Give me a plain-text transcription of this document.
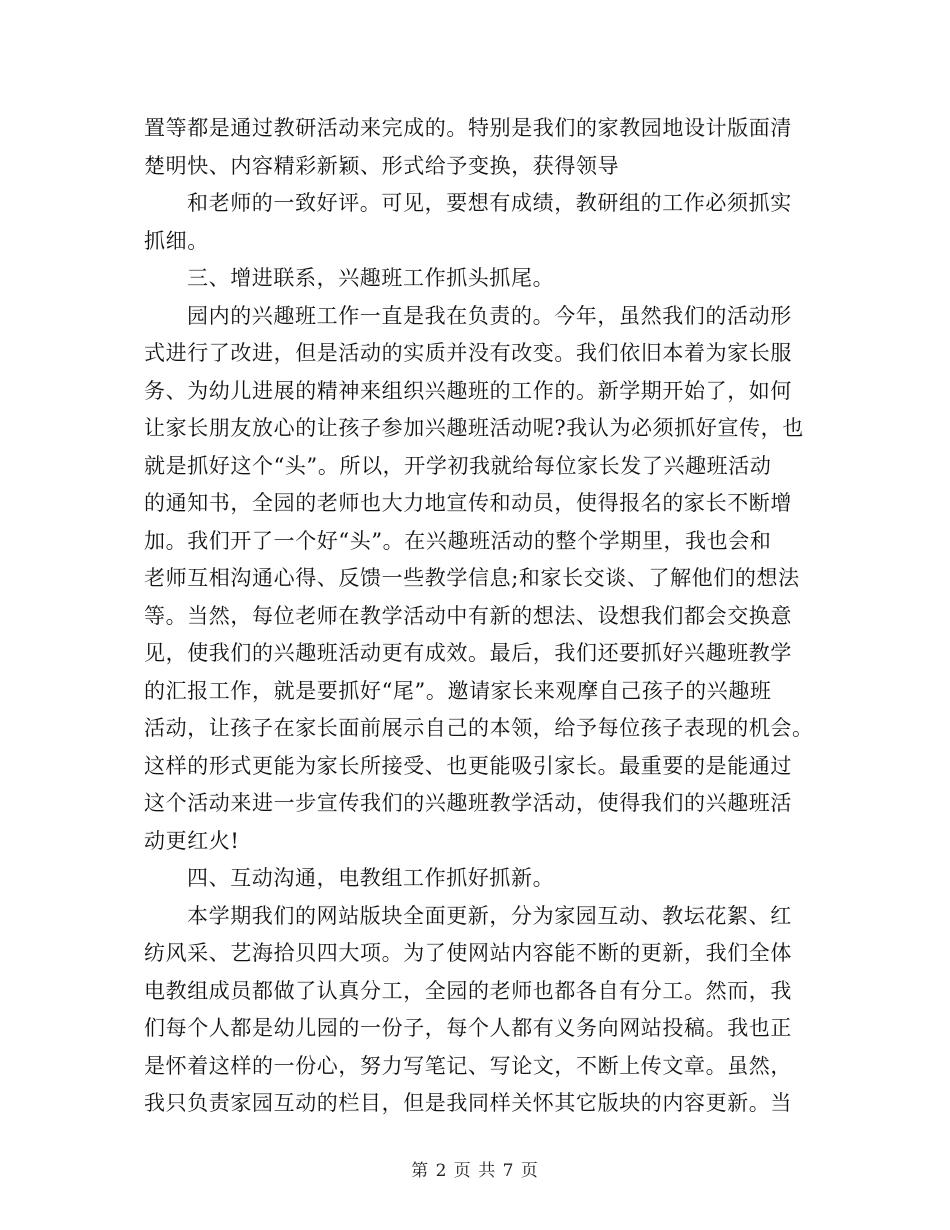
置等都是通过教研活动来完成的。特别是我们的家教园地设计版面清
楚明快、内容精彩新颖、形式给予变换，获得领导
和老师的一致好评。可见，要想有成绩，教研组的工作必须抓实
抓细。
三、增进联系，兴趣班工作抓头抓尾。
园内的兴趣班工作一直是我在负责的。今年，虽然我们的活动形
式进行了改进，但是活动的实质并没有改变。我们依旧本着为家长服
务、为幼儿进展的精神来组织兴趣班的工作的。新学期开始了，如何
让家长朋友放心的让孩子参加兴趣班活动呢?我认为必须抓好宣传，也
就是抓好这个“头”。所以，开学初我就给每位家长发了兴趣班活动
的通知书，全园的老师也大力地宣传和动员，使得报名的家长不断增
加。我们开了一个好“头”。在兴趣班活动的整个学期里，我也会和
老师互相沟通心得、反馈一些教学信息;和家长交谈、了解他们的想法
等。当然，每位老师在教学活动中有新的想法、设想我们都会交换意
见，使我们的兴趣班活动更有成效。最后，我们还要抓好兴趣班教学
的汇报工作，就是要抓好“尾”。邀请家长来观摩自己孩子的兴趣班
活动，让孩子在家长面前展示自己的本领，给予每位孩子表现的机会。
这样的形式更能为家长所接受、也更能吸引家长。最重要的是能通过
这个活动来进一步宣传我们的兴趣班教学活动，使得我们的兴趣班活
动更红火!
四、互动沟通，电教组工作抓好抓新。
本学期我们的网站版块全面更新，分为家园互动、教坛花絮、红
纺风采、艺海拾贝四大项。为了使网站内容能不断的更新，我们全体
电教组成员都做了认真分工，全园的老师也都各自有分工。然而，我
们每个人都是幼儿园的一份子，每个人都有义务向网站投稿。我也正
是怀着这样的一份心，努力写笔记、写论文，不断上传文章。虽然，
我只负责家园互动的栏目，但是我同样关怀其它版块的内容更新。当
第 2 页 共 7 页
